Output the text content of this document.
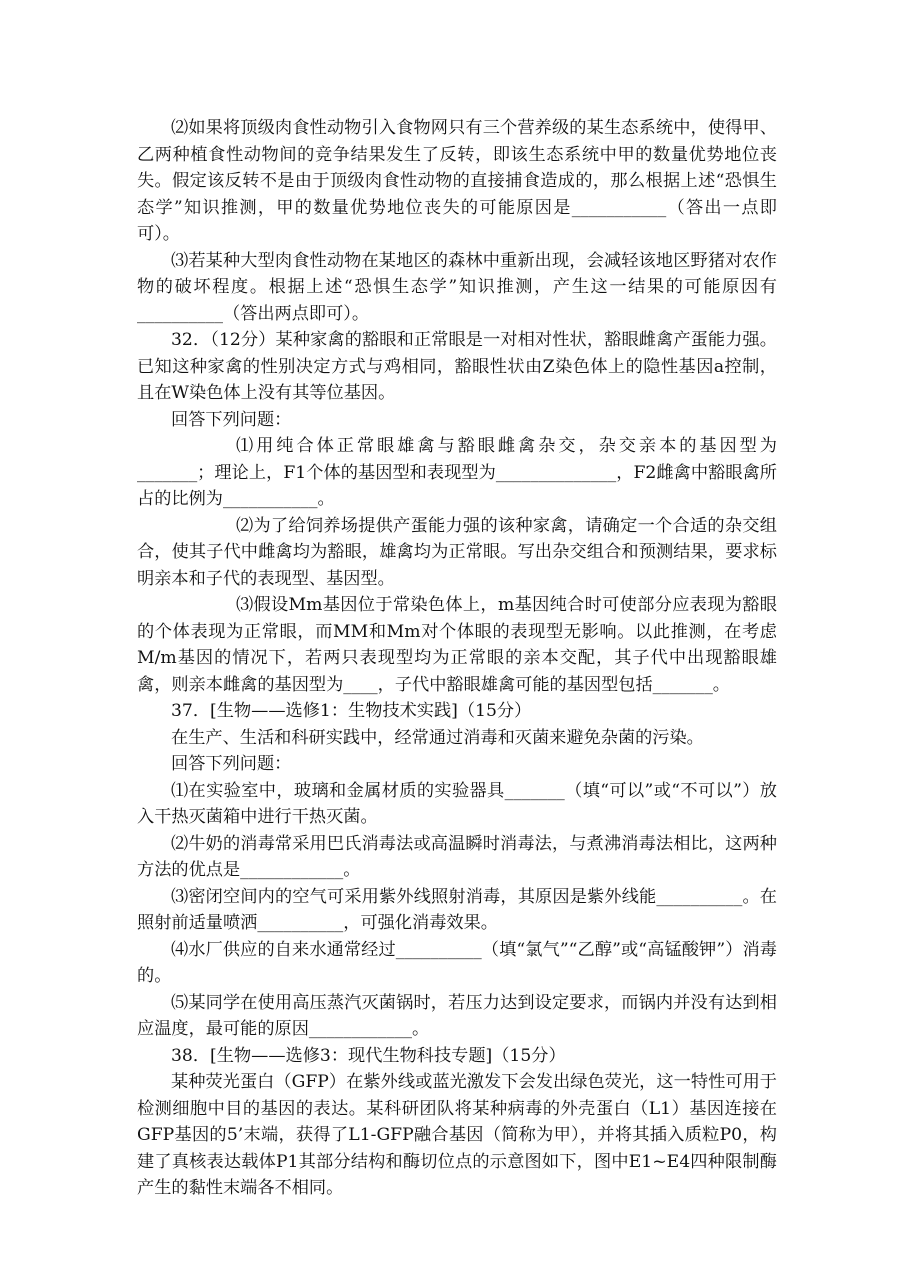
⑵如果将顶级肉食性动物引入食物网只有三个营养级的某生态系统中，使得甲、乙两种植食性动物间的竞争结果发生了反转，即该生态系统中甲的数量优势地位丧失。假定该反转不是由于顶级肉食性动物的直接捕食造成的，那么根据上述“恐惧生态学”知识推测，甲的数量优势地位丧失的可能原因是___________（答出一点即可）。

⑶若某种大型肉食性动物在某地区的森林中重新出现，会减轻该地区野猪对农作物的破坏程度。根据上述“恐惧生态学”知识推测，产生这一结果的可能原因有__________（答出两点即可）。

32．（12分）某种家禽的豁眼和正常眼是一对相对性状，豁眼雌禽产蛋能力强。已知这种家禽的性别决定方式与鸡相同，豁眼性状由Z染色体上的隐性基因a控制，且在W染色体上没有其等位基因。

回答下列问题：

⑴用纯合体正常眼雄禽与豁眼雌禽杂交，杂交亲本的基因型为_______；理论上，F1个体的基因型和表现型为______________，F2雌禽中豁眼禽所占的比例为___________。

⑵为了给饲养场提供产蛋能力强的该种家禽，请确定一个合适的杂交组合，使其子代中雌禽均为豁眼，雄禽均为正常眼。写出杂交组合和预测结果，要求标明亲本和子代的表现型、基因型。

⑶假设Mm基因位于常染色体上，m基因纯合时可使部分应表现为豁眼的个体表现为正常眼，而MM和Mm对个体眼的表现型无影响。以此推测，在考虑M/m基因的情况下，若两只表现型均为正常眼的亲本交配，其子代中出现豁眼雄禽，则亲本雌禽的基因型为____，子代中豁眼雄禽可能的基因型包括_______。

37．[生物——选修1：生物技术实践]（15分）

在生产、生活和科研实践中，经常通过消毒和灭菌来避免杂菌的污染。

回答下列问题：

⑴在实验室中，玻璃和金属材质的实验器具_______（填“可以”或“不可以”）放入干热灭菌箱中进行干热灭菌。

⑵牛奶的消毒常采用巴氏消毒法或高温瞬时消毒法，与煮沸消毒法相比，这两种方法的优点是____________。

⑶密闭空间内的空气可采用紫外线照射消毒，其原因是紫外线能__________。在照射前适量喷洒__________，可强化消毒效果。

⑷水厂供应的自来水通常经过__________（填“氯气”“乙醇”或“高锰酸钾”）消毒的。

⑸某同学在使用高压蒸汽灭菌锅时，若压力达到设定要求，而锅内并没有达到相应温度，最可能的原因____________。

38．[生物——选修3：现代生物科技专题]（15分）

某种荧光蛋白（GFP）在紫外线或蓝光激发下会发出绿色荧光，这一特性可用于检测细胞中目的基因的表达。某科研团队将某种病毒的外壳蛋白（L1）基因连接在GFP基因的5’末端，获得了L1-GFP融合基因（简称为甲），并将其插入质粒P0，构建了真核表达载体P1其部分结构和酶切位点的示意图如下，图中E1~E4四种限制酶产生的黏性末端各不相同。
